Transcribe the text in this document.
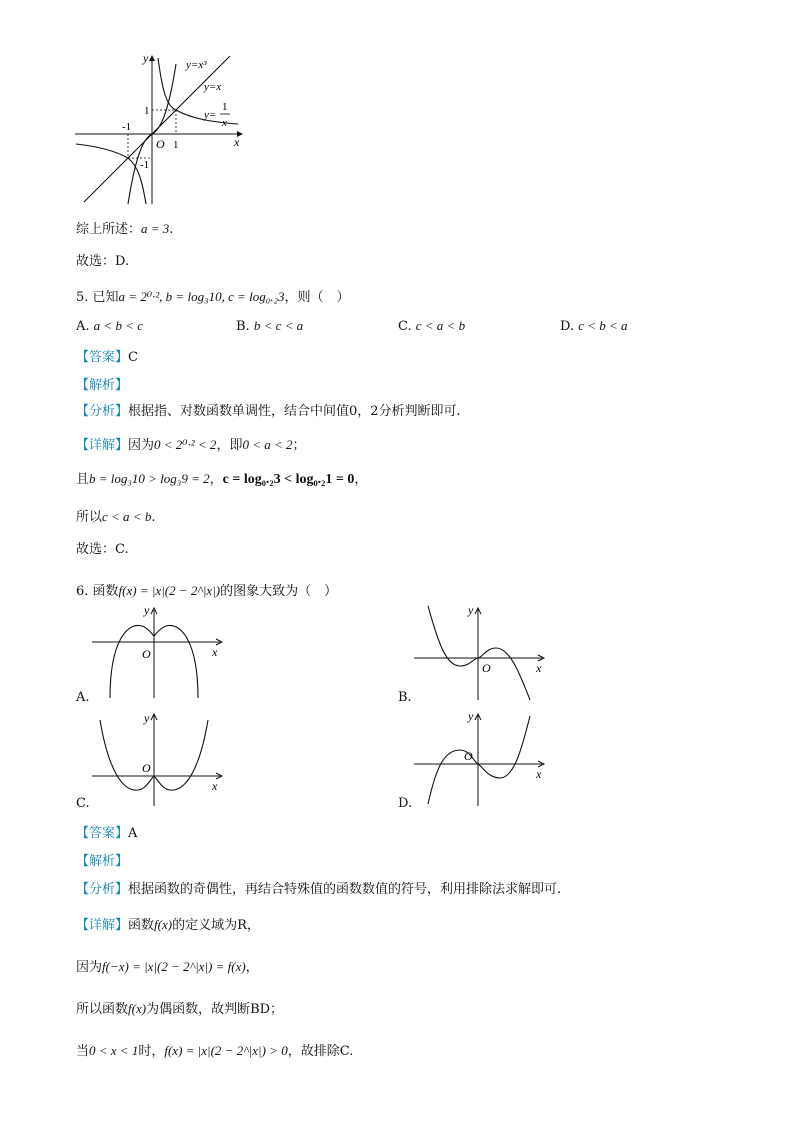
y
x
O
y=x³
y=x
y=
1
x
1
1
-1
-1
综上所述：a = 3.
故选：D.
5. 已知a = 2⁰·², b = log₃10, c = log₀.₂3，则（　）
A. a < b < c	B. b < c < a	C. c < a < b	D. c < b < a
【答案】C
【解析】
【分析】根据指、对数函数单调性，结合中间值0，2分析判断即可.
【详解】因为0 < 2⁰·² < 2，即0 < a < 2；
且b = log₃10 > log₃9 = 2，c = log₀.₂3 < log₀.₂1 = 0，
所以c < a < b.
故选：C.
6. 函数f(x) = |x|(2 − 2^|x|)的图象大致为（　）
y
x
O
A.
y
x
O
B.
y
x
O
C.
y
x
O
D.
【答案】A
【解析】
【分析】根据函数的奇偶性，再结合特殊值的函数数值的符号，利用排除法求解即可.
【详解】函数f(x)的定义域为R，
因为f(−x) = |x|(2 − 2^|x|) = f(x)，
所以函数f(x)为偶函数，故判断BD；
当0 < x < 1时，f(x) = |x|(2 − 2^|x|) > 0，故排除C.
